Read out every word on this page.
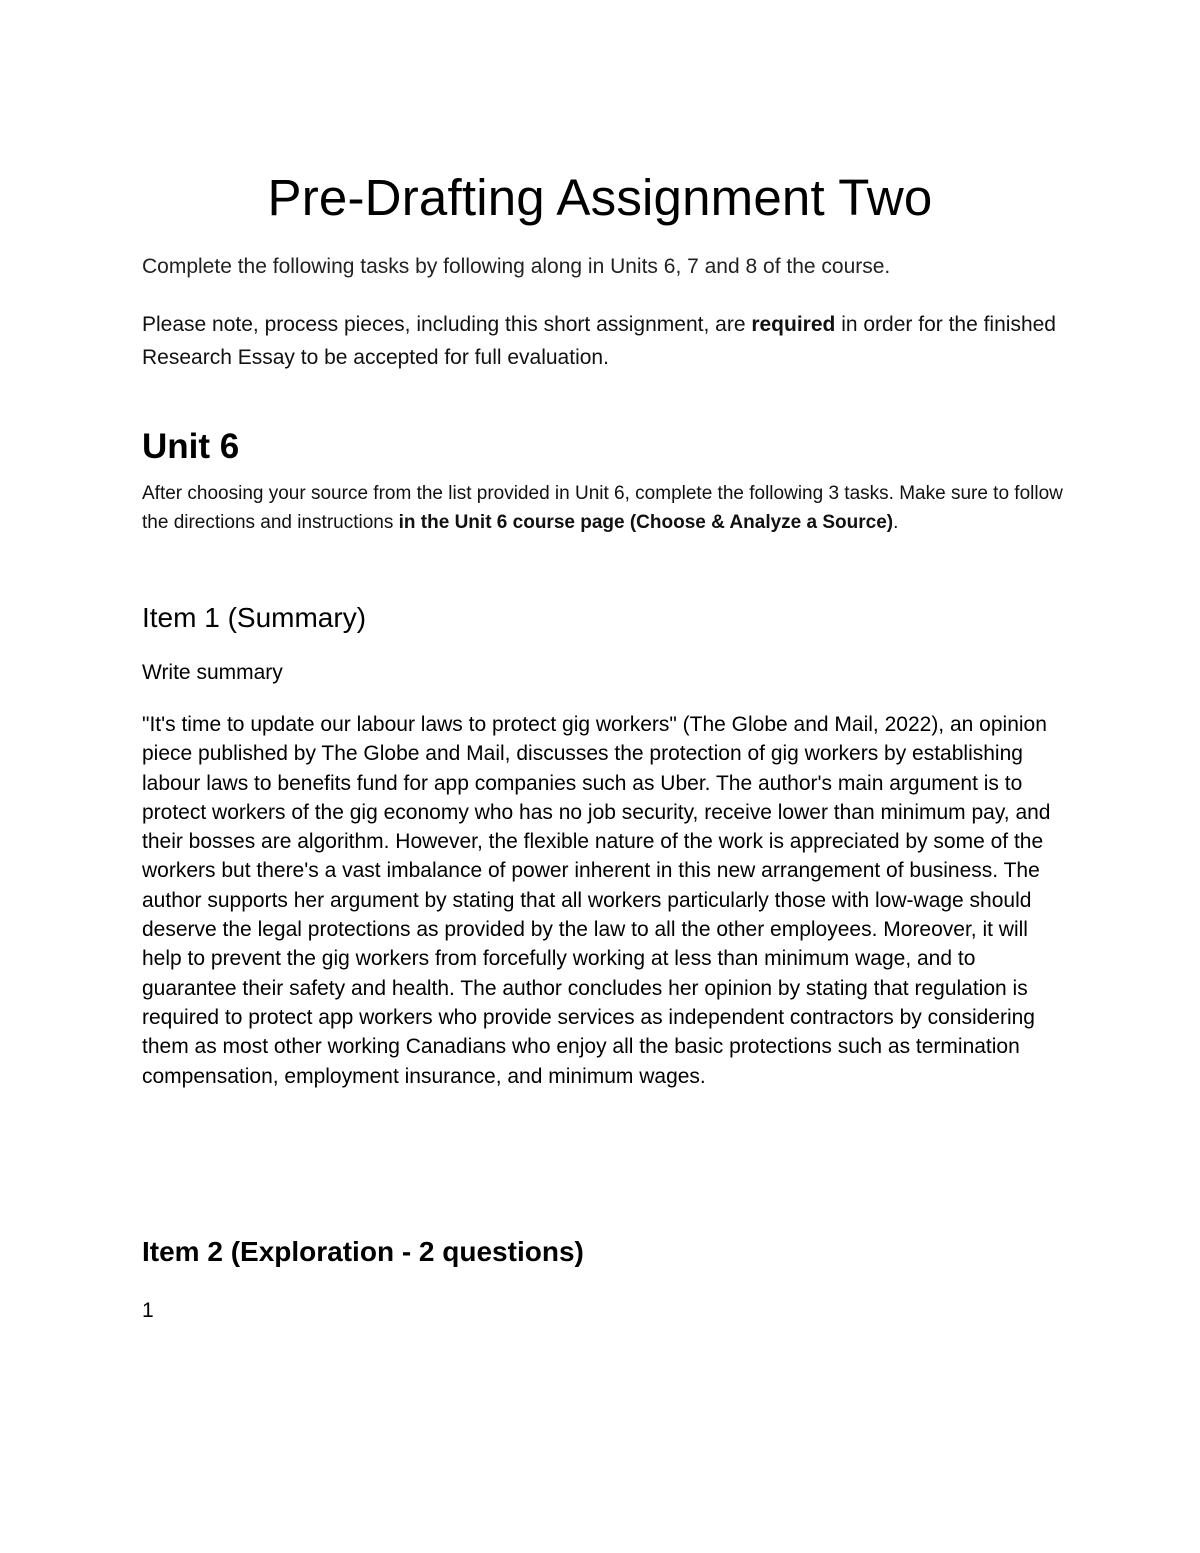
Pre-Drafting Assignment Two

Complete the following tasks by following along in Units 6, 7 and 8 of the course.

Please note, process pieces, including this short assignment, are required in order for the finished Research Essay to be accepted for full evaluation.

Unit 6

After choosing your source from the list provided in Unit 6, complete the following 3 tasks. Make sure to follow the directions and instructions in the Unit 6 course page (Choose & Analyze a Source).

Item 1 (Summary)

Write summary

"It's time to update our labour laws to protect gig workers" (The Globe and Mail, 2022), an opinion piece published by The Globe and Mail, discusses the protection of gig workers by establishing labour laws to benefits fund for app companies such as Uber. The author's main argument is to protect workers of the gig economy who has no job security, receive lower than minimum pay, and their bosses are algorithm. However, the flexible nature of the work is appreciated by some of the workers but there's a vast imbalance of power inherent in this new arrangement of business. The author supports her argument by stating that all workers particularly those with low-wage should deserve the legal protections as provided by the law to all the other employees. Moreover, it will help to prevent the gig workers from forcefully working at less than minimum wage, and to guarantee their safety and health. The author concludes her opinion by stating that regulation is required to protect app workers who provide services as independent contractors by considering them as most other working Canadians who enjoy all the basic protections such as termination compensation, employment insurance, and minimum wages.

Item 2 (Exploration - 2 questions)

1
